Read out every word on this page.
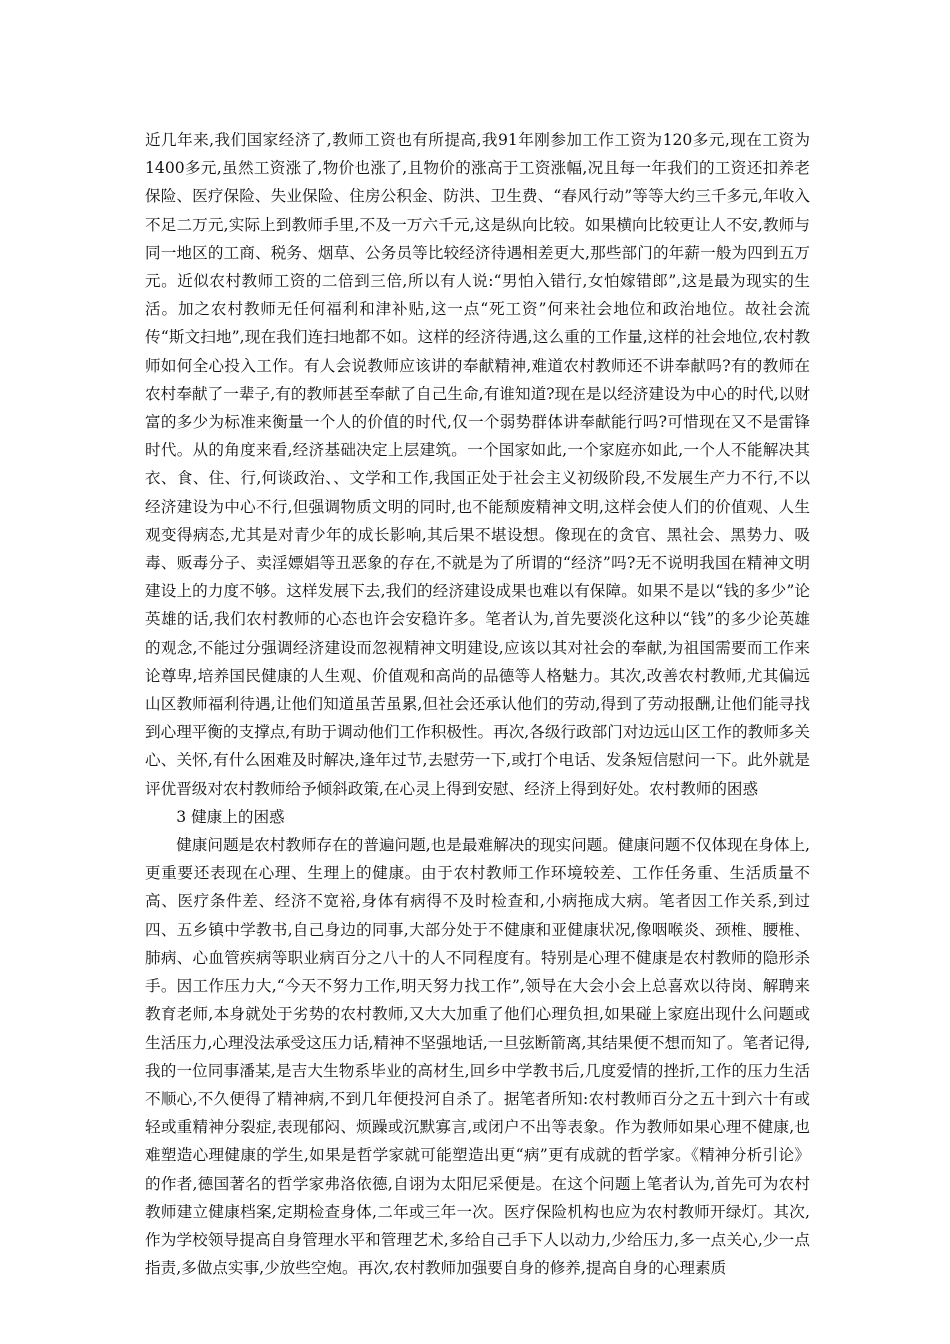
近几年来,我们国家经济了,教师工资也有所提高,我91年刚参加工作工资为120多元,现在工资为1400多元,虽然工资涨了,物价也涨了,且物价的涨高于工资涨幅,况且每一年我们的工资还扣养老保险、医疗保险、失业保险、住房公积金、防洪、卫生费、“春风行动”等等大约三千多元,年收入不足二万元,实际上到教师手里,不及一万六千元,这是纵向比较。如果横向比较更让人不安,教师与同一地区的工商、税务、烟草、公务员等比较经济待遇相差更大,那些部门的年薪一般为四到五万元。近似农村教师工资的二倍到三倍,所以有人说:“男怕入错行,女怕嫁错郎”,这是最为现实的生活。加之农村教师无任何福利和津补贴,这一点“死工资”何来社会地位和政治地位。故社会流传“斯文扫地”,现在我们连扫地都不如。这样的经济待遇,这么重的工作量,这样的社会地位,农村教师如何全心投入工作。有人会说教师应该讲的奉献精神,难道农村教师还不讲奉献吗?有的教师在农村奉献了一辈子,有的教师甚至奉献了自己生命,有谁知道?现在是以经济建设为中心的时代,以财富的多少为标准来衡量一个人的价值的时代,仅一个弱势群体讲奉献能行吗?可惜现在又不是雷锋时代。从的角度来看,经济基础决定上层建筑。一个国家如此,一个家庭亦如此,一个人不能解决其衣、食、住、行,何谈政治、、文学和工作,我国正处于社会主义初级阶段,不发展生产力不行,不以经济建设为中心不行,但强调物质文明的同时,也不能颓废精神文明,这样会使人们的价值观、人生观变得病态,尤其是对青少年的成长影响,其后果不堪设想。像现在的贪官、黑社会、黑势力、吸毒、贩毒分子、卖淫嫖娼等丑恶象的存在,不就是为了所谓的“经济”吗?无不说明我国在精神文明建设上的力度不够。这样发展下去,我们的经济建设成果也难以有保障。如果不是以“钱的多少”论英雄的话,我们农村教师的心态也许会安稳许多。笔者认为,首先要淡化这种以“钱”的多少论英雄的观念,不能过分强调经济建设而忽视精神文明建设,应该以其对社会的奉献,为祖国需要而工作来论尊卑,培养国民健康的人生观、价值观和高尚的品德等人格魅力。其次,改善农村教师,尤其偏远山区教师福利待遇,让他们知道虽苦虽累,但社会还承认他们的劳动,得到了劳动报酬,让他们能寻找到心理平衡的支撑点,有助于调动他们工作积极性。再次,各级行政部门对边远山区工作的教师多关心、关怀,有什么困难及时解决,逢年过节,去慰劳一下,或打个电话、发条短信慰问一下。此外就是评优晋级对农村教师给予倾斜政策,在心灵上得到安慰、经济上得到好处。农村教师的困惑

3 健康上的困惑

健康问题是农村教师存在的普遍问题,也是最难解决的现实问题。健康问题不仅体现在身体上,更重要还表现在心理、生理上的健康。由于农村教师工作环境较差、工作任务重、生活质量不高、医疗条件差、经济不宽裕,身体有病得不及时检查和,小病拖成大病。笔者因工作关系,到过四、五乡镇中学教书,自己身边的同事,大部分处于不健康和亚健康状况,像咽喉炎、颈椎、腰椎、肺病、心血管疾病等职业病百分之八十的人不同程度有。特别是心理不健康是农村教师的隐形杀手。因工作压力大,“今天不努力工作,明天努力找工作”,领导在大会小会上总喜欢以待岗、解聘来教育老师,本身就处于劣势的农村教师,又大大加重了他们心理负担,如果碰上家庭出现什么问题或生活压力,心理没法承受这压力话,精神不坚强地话,一旦弦断箭离,其结果便不想而知了。笔者记得,我的一位同事潘某,是吉大生物系毕业的高材生,回乡中学教书后,几度爱情的挫折,工作的压力生活不顺心,不久便得了精神病,不到几年便投河自杀了。据笔者所知:农村教师百分之五十到六十有或轻或重精神分裂症,表现郁闷、烦躁或沉默寡言,或闭户不出等表象。作为教师如果心理不健康,也难塑造心理健康的学生,如果是哲学家就可能塑造出更“病”更有成就的哲学家。《精神分析引论》的作者,德国著名的哲学家弗洛依德,自诩为太阳尼采便是。在这个问题上笔者认为,首先可为农村教师建立健康档案,定期检查身体,二年或三年一次。医疗保险机构也应为农村教师开绿灯。其次,作为学校领导提高自身管理水平和管理艺术,多给自己手下人以动力,少给压力,多一点关心,少一点指责,多做点实事,少放些空炮。再次,农村教师加强要自身的修养,提高自身的心理素质
